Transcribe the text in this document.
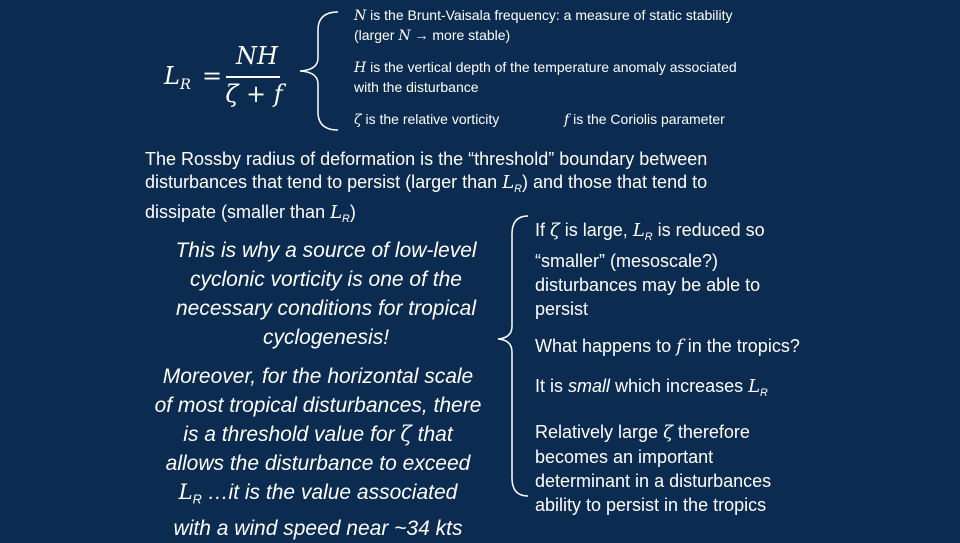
$L_R$ =
NH
ζ + f
N is the Brunt-Vaisala frequency: a measure of static stability
(larger N → more stable)
H is the vertical depth of the temperature anomaly associated
with the disturbance
ζ is the relative vorticity	f is the Coriolis parameter
The Rossby radius of deformation is the “threshold” boundary between
disturbances that tend to persist (larger than $L_R$) and those that tend to
dissipate (smaller than $L_R$)
This is why a source of low-level
cyclonic vorticity is one of the
necessary conditions for tropical
cyclogenesis!
Moreover, for the horizontal scale
of most tropical disturbances, there
is a threshold value for ζ that
allows the disturbance to exceed
$L_R$ …it is the value associated
with a wind speed near ~34 kts
If ζ is large, $L_R$ is reduced so
“smaller” (mesoscale?)
disturbances may be able to
persist
What happens to f in the tropics?
It is small which increases $L_R$
Relatively large ζ therefore
becomes an important
determinant in a disturbances
ability to persist in the tropics
